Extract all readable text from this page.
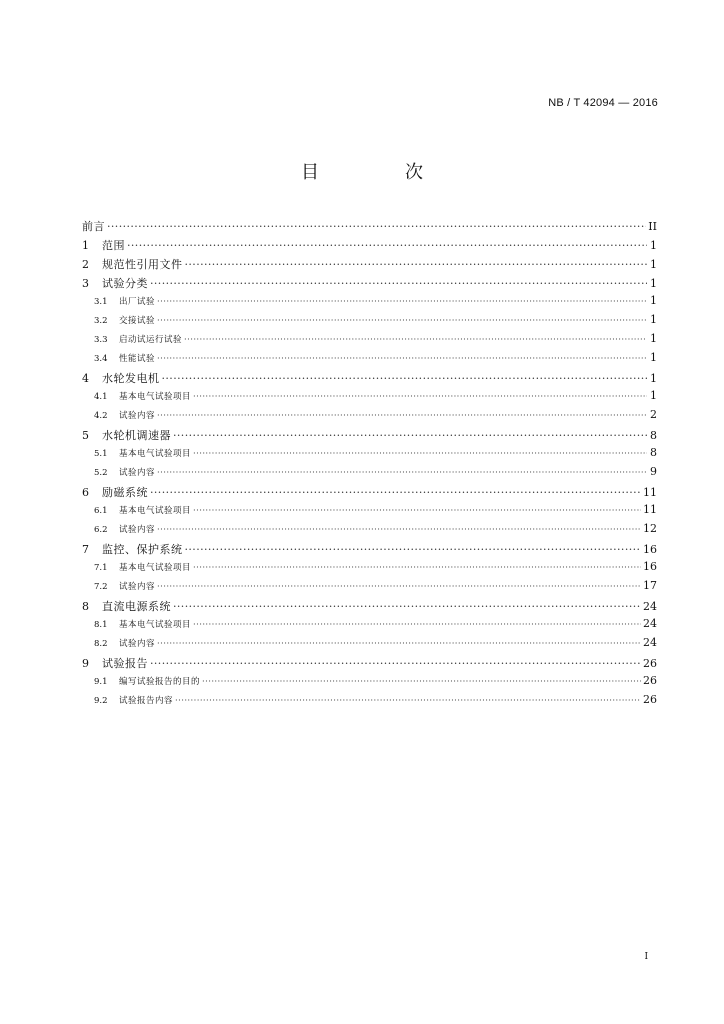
NB / T 42094 — 2016
目　次
前言 ·····	II
1	范围 ·····	1
2	规范性引用文件 ·····	1
3	试验分类 ·····	1
3.1	出厂试验 ·····	1
3.2	交接试验 ·····	1
3.3	启动试运行试验 ·····	1
3.4	性能试验 ·····	1
4	水轮发电机 ·····	1
4.1	基本电气试验项目 ·····	1
4.2	试验内容 ·····	2
5	水轮机调速器 ·····	8
5.1	基本电气试验项目 ·····	8
5.2	试验内容 ·····	9
6	励磁系统 ·····	11
6.1	基本电气试验项目 ·····	11
6.2	试验内容 ·····	12
7	监控、保护系统 ·····	16
7.1	基本电气试验项目 ·····	16
7.2	试验内容 ·····	17
8	直流电源系统 ·····	24
8.1	基本电气试验项目 ·····	24
8.2	试验内容 ·····	24
9	试验报告 ·····	26
9.1	编写试验报告的目的 ·····	26
9.2	试验报告内容 ·····	26
I
